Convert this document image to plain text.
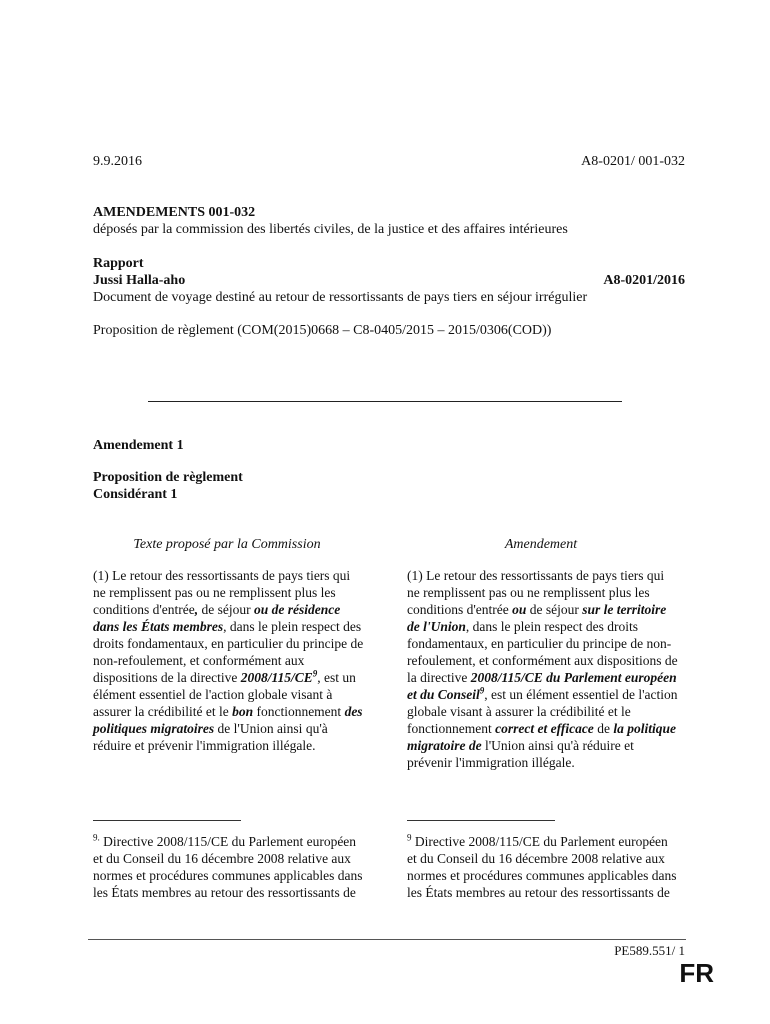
9.9.2016	A8-0201/ 001-032
AMENDEMENTS 001-032
déposés par la commission des libertés civiles, de la justice et des affaires intérieures
Rapport
Jussi Halla-aho	A8-0201/2016
Document de voyage destiné au retour de ressortissants de pays tiers en séjour irrégulier
Proposition de règlement (COM(2015)0668 – C8-0405/2015 – 2015/0306(COD))
Amendement 1
Proposition de règlement
Considérant 1
Texte proposé par la Commission	Amendement
(1) Le retour des ressortissants de pays tiers qui ne remplissent pas ou ne remplissent plus les conditions d'entrée, de séjour ou de résidence dans les États membres, dans le plein respect des droits fondamentaux, en particulier du principe de non-refoulement, et conformément aux dispositions de la directive $2008/115/CE^9$, est un élément essentiel de l'action globale visant à assurer la crédibilité et le bon fonctionnement des politiques migratoires de l'Union ainsi qu'à réduire et prévenir l'immigration illégale.
(1) Le retour des ressortissants de pays tiers qui ne remplissent pas ou ne remplissent plus les conditions d'entrée ou de séjour sur le territoire de l'Union, dans le plein respect des droits fondamentaux, en particulier du principe de non-refoulement, et conformément aux dispositions de la directive 2008/115/CE du Parlement européen et du Conseil$^9$, est un élément essentiel de l'action globale visant à assurer la crédibilité et le fonctionnement correct et efficace de la politique migratoire de l'Union ainsi qu'à réduire et prévenir l'immigration illégale.
$^{9.}$ Directive 2008/115/CE du Parlement européen et du Conseil du 16 décembre 2008 relative aux normes et procédures communes applicables dans les États membres au retour des ressortissants de
$^9$ Directive 2008/115/CE du Parlement européen et du Conseil du 16 décembre 2008 relative aux normes et procédures communes applicables dans les États membres au retour des ressortissants de
PE589.551/ 1
FR
